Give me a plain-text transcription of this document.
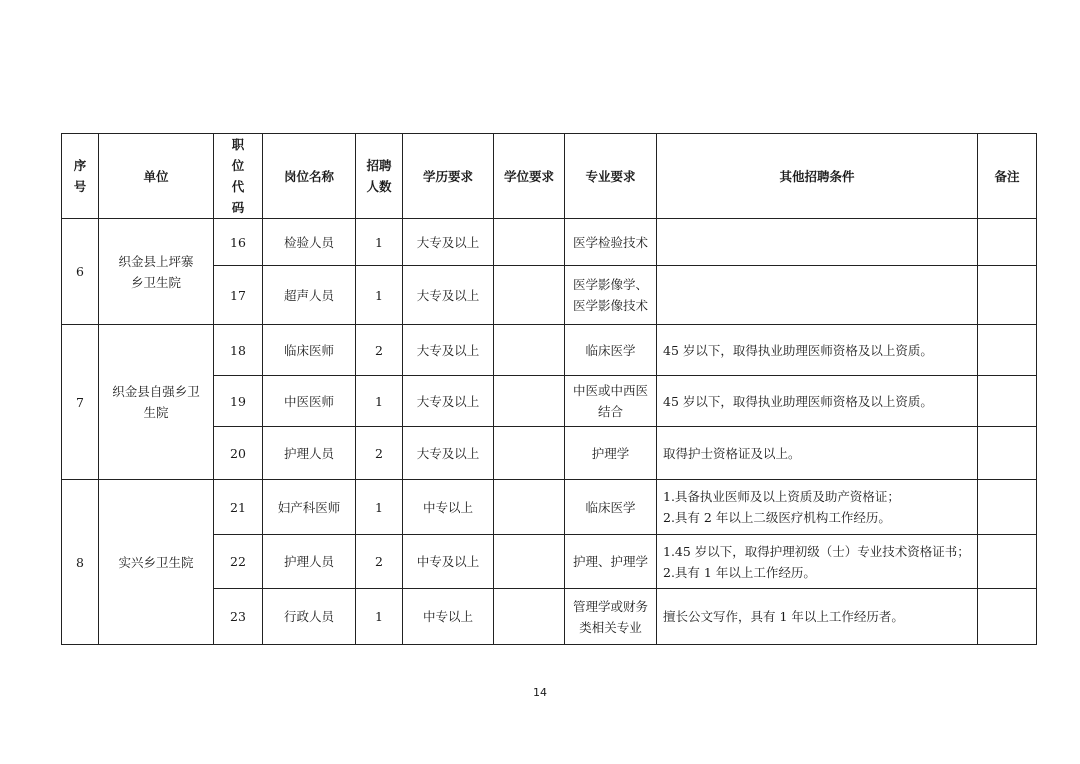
序号	单位	职位代码	岗位名称	招聘人数	学历要求	学位要求	专业要求	其他招聘条件	备注
6	织金县上坪寨乡卫生院	16	检验人员	1	大专及以上		医学检验技术		
		17	超声人员	1	大专及以上		医学影像学、医学影像技术		
7	织金县自强乡卫生院	18	临床医师	2	大专及以上		临床医学	45 岁以下，取得执业助理医师资格及以上资质。	
		19	中医医师	1	大专及以上		中医或中西医结合	45 岁以下，取得执业助理医师资格及以上资质。	
		20	护理人员	2	大专及以上		护理学	取得护士资格证及以上。	
8	实兴乡卫生院	21	妇产科医师	1	中专以上		临床医学	1.具备执业医师及以上资质及助产资格证；
2.具有 2 年以上二级医疗机构工作经历。	

		22	护理人员	2	中专及以上		护理、护理学	1.45 岁以下，取得护理初级（士）专业技术资格证书；
2.具有 1 年以上工作经历。	

		23	行政人员	1	中专以上		管理学或财务类相关专业	擅长公文写作，具有 1 年以上工作经历者。	
14
